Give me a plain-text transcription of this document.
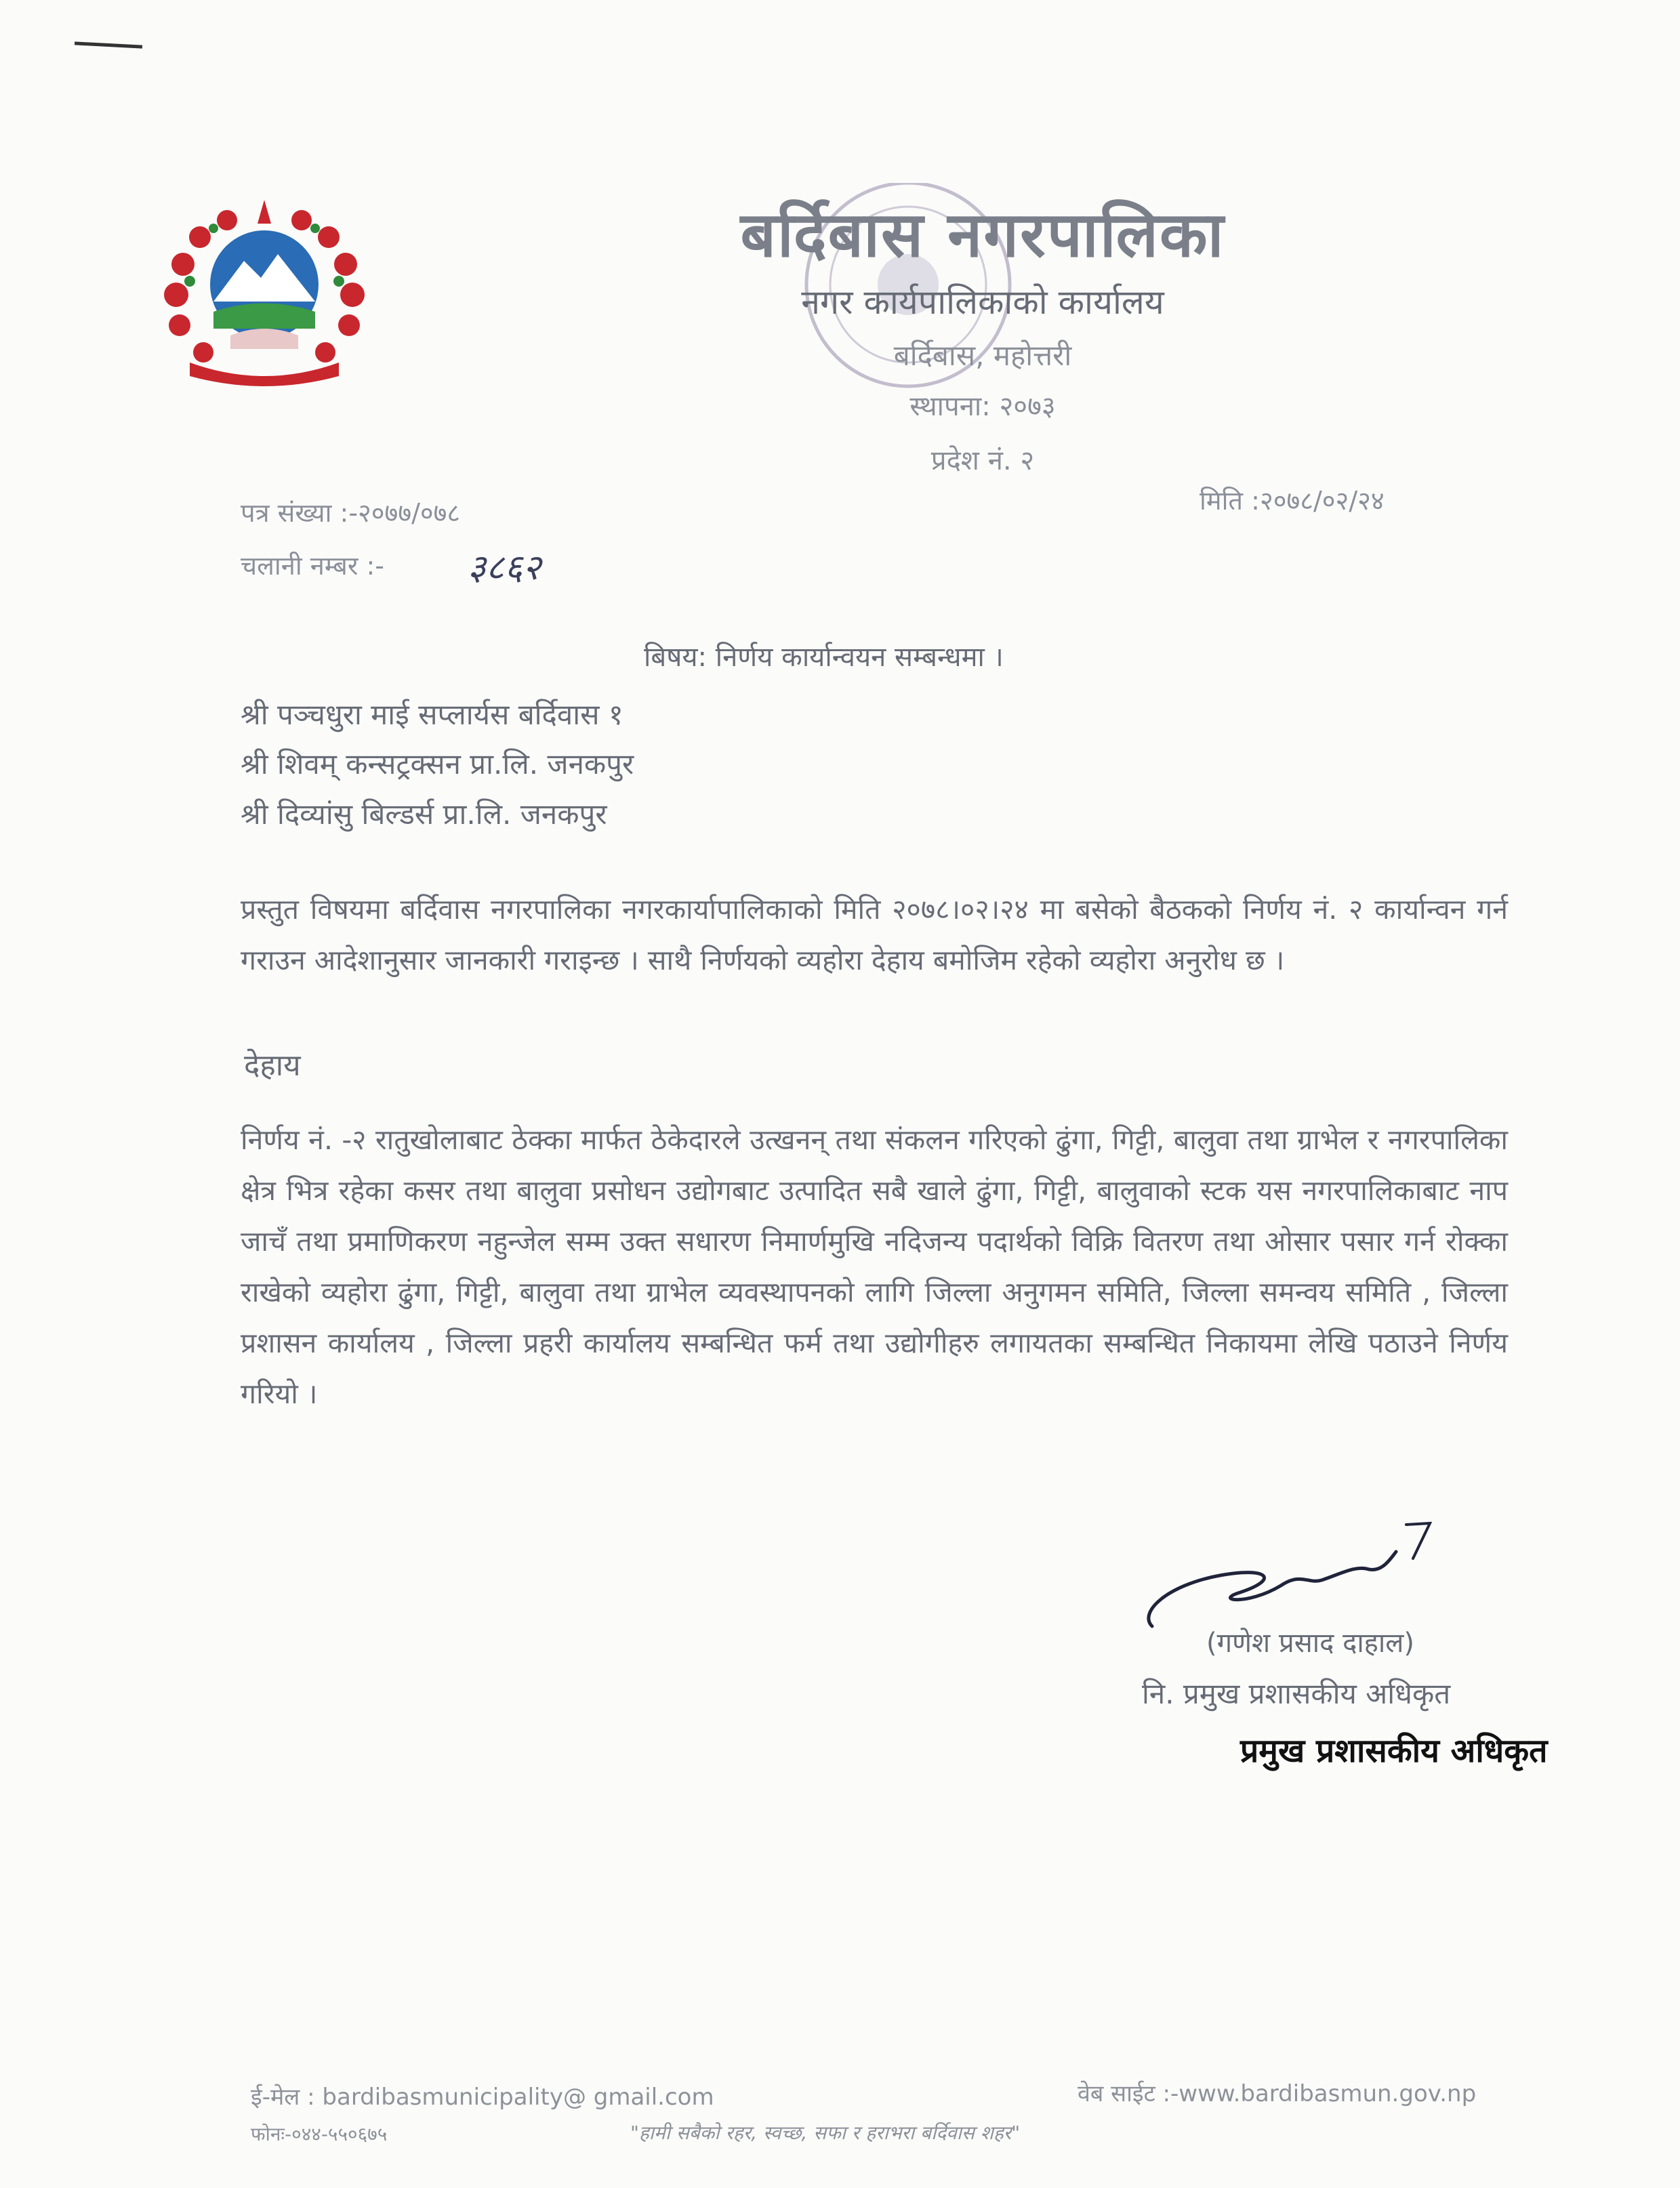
बर्दिबास नगरपालिका
नगर कार्यपालिकाको कार्यालय
बर्दिबास, महोत्तरी
स्थापना: २०७३
प्रदेश नं. २
पत्र संख्या :-२०७७/०७८	मिति :२०७८/०२/२४
चलानी नम्बर :- ३८६२
बिषय: निर्णय कार्यान्वयन सम्बन्धमा ।
श्री पञ्चधुरा माई सप्लार्यस बर्दिवास १
श्री शिवम् कन्सट्रक्सन प्रा.लि. जनकपुर
श्री दिव्यांसु बिल्डर्स प्रा.लि. जनकपुर
प्रस्तुत विषयमा बर्दिवास नगरपालिका नगरकार्यापालिकाको मिति २०७८।०२।२४ मा बसेको बैठकको निर्णय नं. २ कार्यान्वन गर्न गराउन आदेशानुसार जानकारी गराइन्छ । साथै निर्णयको व्यहोरा देहाय बमोजिम रहेको व्यहोरा अनुरोध छ ।
देहाय
निर्णय नं. -२ रातुखोलाबाट ठेक्का मार्फत ठेकेदारले उत्खनन् तथा संकलन गरिएको ढुंगा, गिट्टी, बालुवा तथा ग्राभेल र नगरपालिका क्षेत्र भित्र रहेका कसर तथा बालुवा प्रसोधन उद्योगबाट उत्पादित सबै खाले ढुंगा, गिट्टी, बालुवाको स्टक यस नगरपालिकाबाट नाप जाचँ तथा प्रमाणिकरण नहुन्जेल सम्म उक्त सधारण निमार्णमुखि नदिजन्य पदार्थको विक्रि वितरण तथा ओसार पसार गर्न रोक्का राखेको व्यहोरा ढुंगा, गिट्टी, बालुवा तथा ग्राभेल व्यवस्थापनको लागि जिल्ला अनुगमन समिति, जिल्ला समन्वय समिति , जिल्ला प्रशासन कार्यालय , जिल्ला प्रहरी कार्यालय सम्बन्धित फर्म तथा उद्योगीहरु लगायतका सम्बन्धित निकायमा लेखि पठाउने निर्णय गरियो ।
(गणेश प्रसाद दाहाल)
नि. प्रमुख प्रशासकीय अधिकृत
प्रमुख प्रशासकीय अधिकृत
ई-मेल : bardibasmunicipality@ gmail.com
फोनः-०४४-५५०६७५
वेब साईट :-www.bardibasmun.gov.np
"हामी सबैको रहर, स्वच्छ, सफा र हराभरा बर्दिवास शहर"
